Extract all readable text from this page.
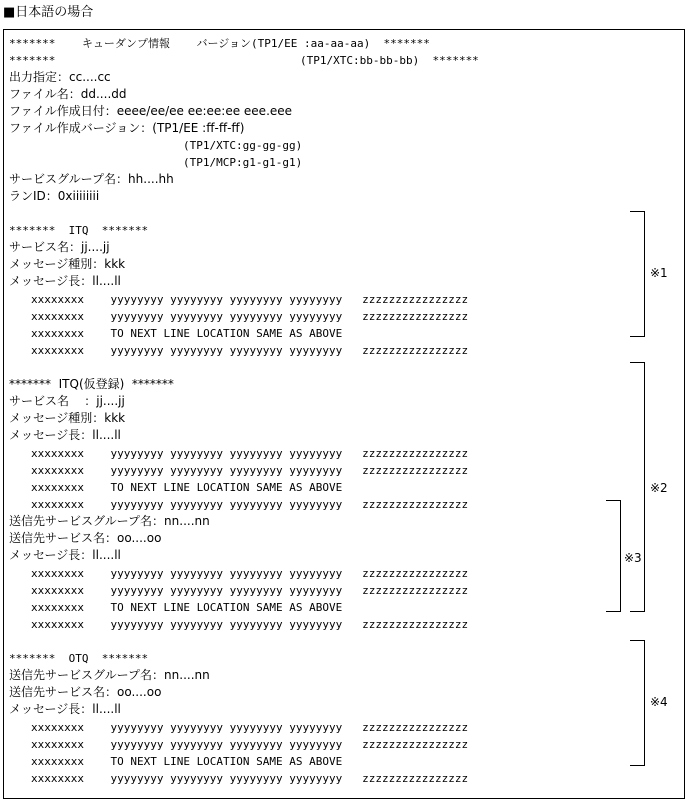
■日本語の場合
*******    キューダンプ情報    バージョン(TP1/EE :aa-aa-aa)  *******
*******	(TP1/XTC:bb-bb-bb)  *******
出力指定：cc....cc
ファイル名：dd....dd
ファイル作成日付：eeee/ee/ee ee:ee:ee eee.eee
ファイル作成バージョン：(TP1/EE :ff-ff-ff)
(TP1/XTC:gg-gg-gg)
(TP1/MCP:g1-g1-g1)
サービスグループ名：hh....hh
ランID：0xiiiiiiii
*******  ITQ  *******
サービス名：jj....jj
メッセージ種別：kkk
メッセージ長：ll....ll
xxxxxxxx    yyyyyyyy yyyyyyyy yyyyyyyy yyyyyyyy   zzzzzzzzzzzzzzzz
xxxxxxxx    yyyyyyyy yyyyyyyy yyyyyyyy yyyyyyyy   zzzzzzzzzzzzzzzz
xxxxxxxx    TO NEXT LINE LOCATION SAME AS ABOVE
xxxxxxxx    yyyyyyyy yyyyyyyy yyyyyyyy yyyyyyyy   zzzzzzzzzzzzzzzz
*******  ITQ(仮登録)  *******
サービス名    ：jj....jj
メッセージ種別：kkk
メッセージ長：ll....ll
xxxxxxxx    yyyyyyyy yyyyyyyy yyyyyyyy yyyyyyyy   zzzzzzzzzzzzzzzz
xxxxxxxx    yyyyyyyy yyyyyyyy yyyyyyyy yyyyyyyy   zzzzzzzzzzzzzzzz
xxxxxxxx    TO NEXT LINE LOCATION SAME AS ABOVE
xxxxxxxx    yyyyyyyy yyyyyyyy yyyyyyyy yyyyyyyy   zzzzzzzzzzzzzzzz
送信先サービスグループ名：nn....nn
送信先サービス名：oo....oo
メッセージ長：ll....ll
xxxxxxxx    yyyyyyyy yyyyyyyy yyyyyyyy yyyyyyyy   zzzzzzzzzzzzzzzz
xxxxxxxx    yyyyyyyy yyyyyyyy yyyyyyyy yyyyyyyy   zzzzzzzzzzzzzzzz
xxxxxxxx    TO NEXT LINE LOCATION SAME AS ABOVE
xxxxxxxx    yyyyyyyy yyyyyyyy yyyyyyyy yyyyyyyy   zzzzzzzzzzzzzzzz
*******  OTQ  *******
送信先サービスグループ名：nn....nn
送信先サービス名：oo....oo
メッセージ長：ll....ll
xxxxxxxx    yyyyyyyy yyyyyyyy yyyyyyyy yyyyyyyy   zzzzzzzzzzzzzzzz
xxxxxxxx    yyyyyyyy yyyyyyyy yyyyyyyy yyyyyyyy   zzzzzzzzzzzzzzzz
xxxxxxxx    TO NEXT LINE LOCATION SAME AS ABOVE
xxxxxxxx    yyyyyyyy yyyyyyyy yyyyyyyy yyyyyyyy   zzzzzzzzzzzzzzzz
※1
※2
※3
※4
